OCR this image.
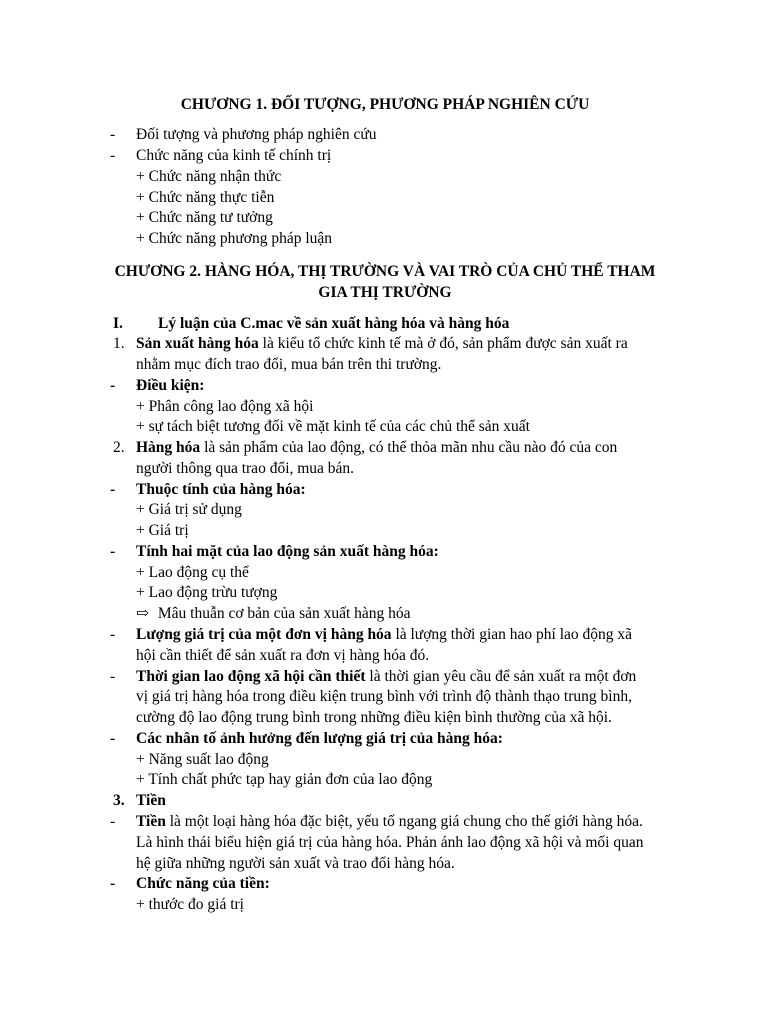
CHƯƠNG 1. ĐỐI TƯỢNG, PHƯƠNG PHÁP NGHIÊN CỨU
- Đối tượng và phương pháp nghiên cứu
- Chức năng của kinh tế chính trị
+ Chức năng nhận thức
+ Chức năng thực tiễn
+ Chức năng tư tưởng
+ Chức năng phương pháp luận
CHƯƠNG 2. HÀNG HÓA, THỊ TRƯỜNG VÀ VAI TRÒ CỦA CHỦ THỂ THAM
GIA THỊ TRƯỜNG
I. Lý luận của C.mac về sản xuất hàng hóa và hàng hóa
1. Sản xuất hàng hóa là kiểu tổ chức kinh tế mà ở đó, sản phẩm được sản xuất ra
nhằm mục đích trao đổi, mua bán trên thi trường.
- Điều kiện:
+ Phân công lao động xã hội
+ sự tách biệt tương đối về mặt kinh tế của các chủ thể sản xuất
2. Hàng hóa là sản phẩm của lao động, có thể thỏa mãn nhu cầu nào đó của con
người thông qua trao đổi, mua bán.
- Thuộc tính của hàng hóa:
+ Giá trị sử dụng
+ Giá trị
- Tính hai mặt của lao động sản xuất hàng hóa:
+ Lao động cụ thể
+ Lao động trừu tượng
⇨ Mâu thuẫn cơ bản của sản xuất hàng hóa
- Lượng giá trị của một đơn vị hàng hóa là lượng thời gian hao phí lao động xã
hội cần thiết để sản xuất ra đơn vị hàng hóa đó.
- Thời gian lao động xã hội cần thiết là thời gian yêu cầu để sản xuất ra một đơn
vị giá trị hàng hóa trong điều kiện trung bình với trình độ thành thạo trung bình,
cường độ lao động trung bình trong những điều kiện bình thường của xã hội.
- Các nhân tố ảnh hưởng đến lượng giá trị của hàng hóa:
+ Năng suất lao động
+ Tính chất phức tạp hay giản đơn của lao động
3. Tiền
- Tiền là một loại hàng hóa đặc biệt, yếu tố ngang giá chung cho thế giới hàng hóa.
Là hình thái biểu hiện giá trị của hàng hóa. Phản ánh lao động xã hội và mối quan
hệ giữa những người sản xuất và trao đổi hàng hóa.
- Chức năng của tiền:
+ thước đo giá trị
